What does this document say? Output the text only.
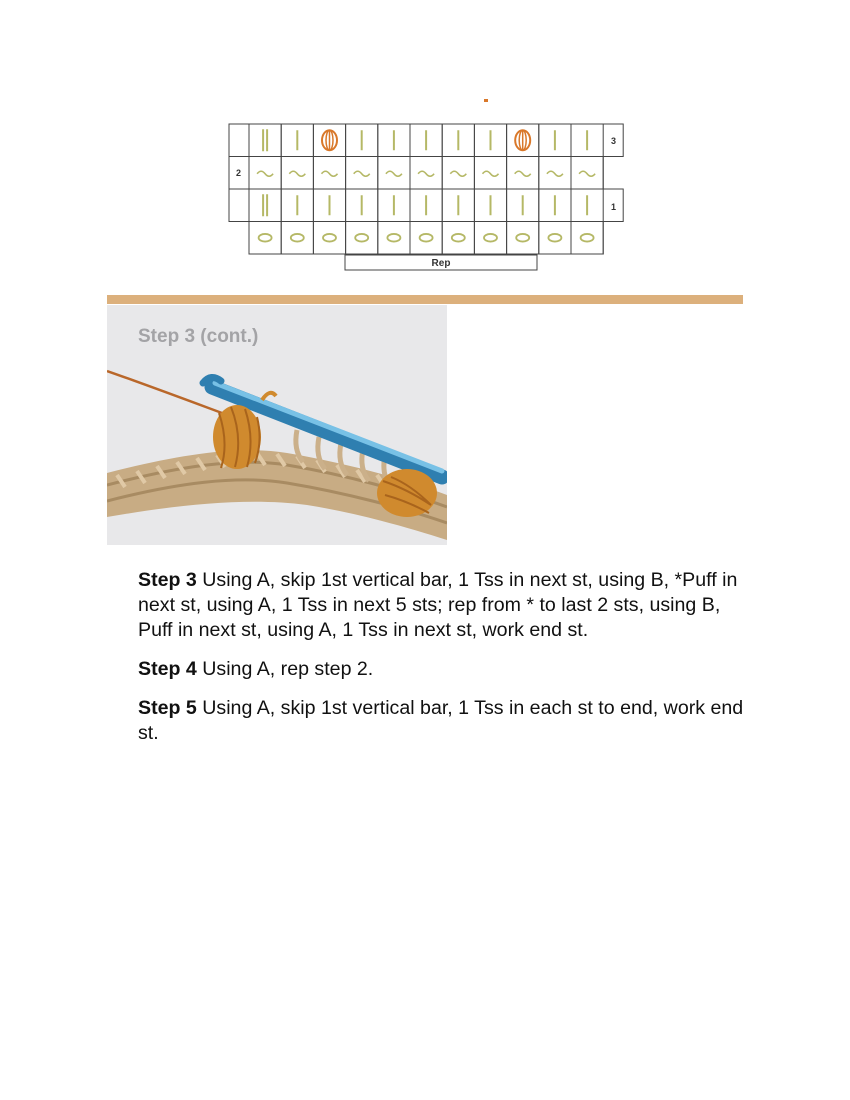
3
2
1
Rep
Step 3 (cont.)

Step 3 Using A, skip 1st vertical bar, 1 Tss in next st, using B, *Puff in next st, using A, 1 Tss in next 5 sts; rep from * to last 2 sts, using B, Puff in next st, using A, 1 Tss in next st, work end st.

Step 4 Using A, rep step 2.

Step 5 Using A, skip 1st vertical bar, 1 Tss in each st to end, work end st.
